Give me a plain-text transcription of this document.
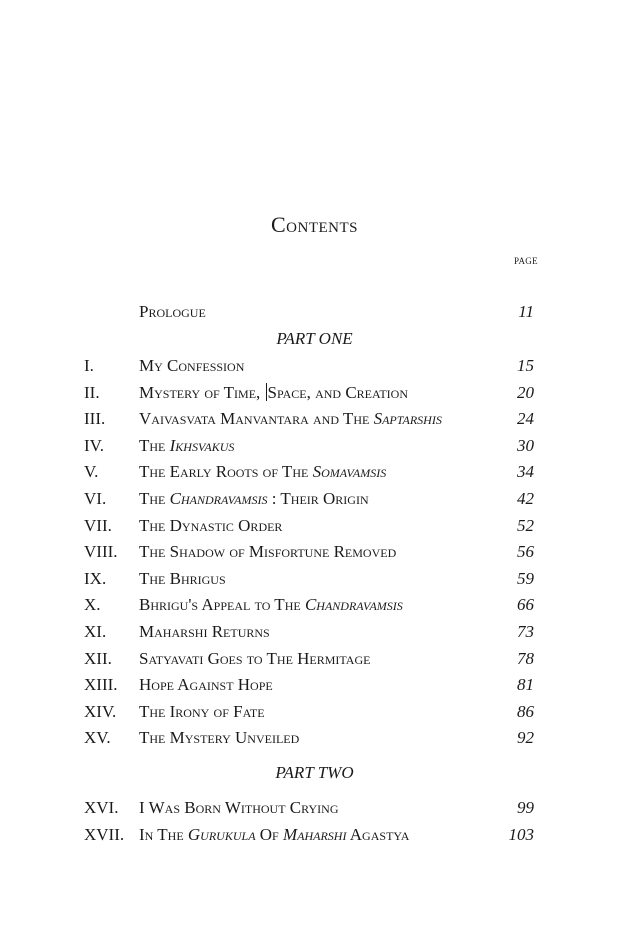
Contents
page
Prologue	11
PART ONE
I.	My Confession	15
II. Mystery of Time, Space, and Creation	20
III. Vaivasvata Manvantara and The Saptarshis	24
IV. The Ikhsvakus	30
V. The Early Roots of The Somavamsis	34
VI. The Chandravamsis : Their Origin	42
VII. The Dynastic Order	52
VIII. The Shadow of Misfortune Removed	56
IX. The Bhrigus	59
X. Bhrigu's Appeal to The Chandravamsis	66
XI. Maharshi Returns	73
XII. Satyavati Goes to The Hermitage	78
XIII. Hope Against Hope	81
XIV. The Irony of Fate	86
XV. The Mystery Unveiled	92
PART TWO
XVI. I Was Born Without Crying	99
XVII. In The Gurukula Of Maharshi Agastya	103
